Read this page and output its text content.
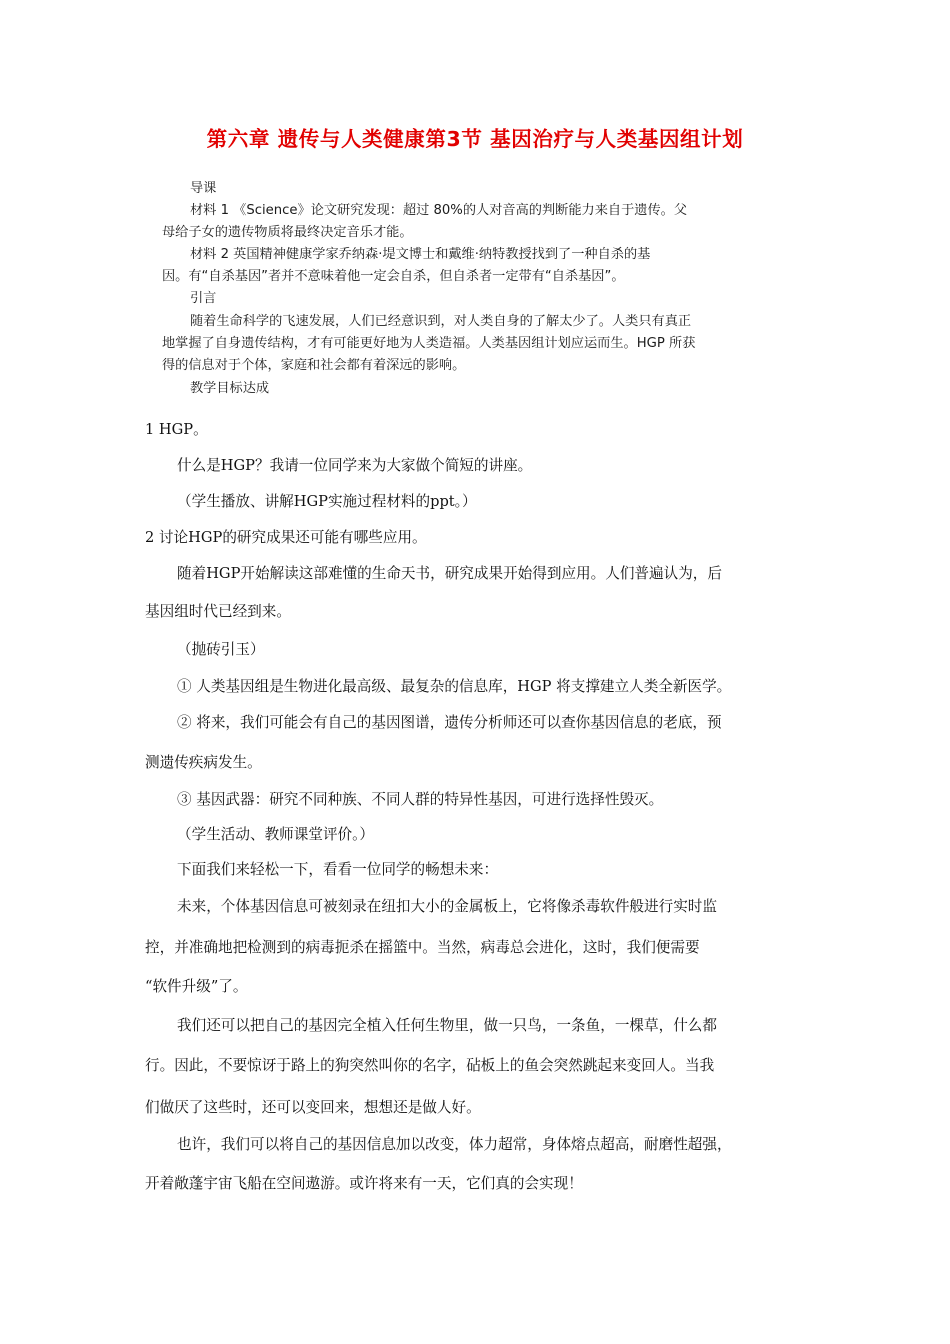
第六章 遗传与人类健康第3节 基因治疗与人类基因组计划
导课
材料 1 《Science》论文研究发现：超过 80%的人对音高的判断能力来自于遗传。父
母给子女的遗传物质将最终决定音乐才能。
材料 2 英国精神健康学家乔纳森·堤文博士和戴维·纳特教授找到了一种自杀的基
因。有“自杀基因”者并不意味着他一定会自杀，但自杀者一定带有“自杀基因”。
引言
随着生命科学的飞速发展，人们已经意识到，对人类自身的了解太少了。人类只有真正
地掌握了自身遗传结构，才有可能更好地为人类造福。人类基因组计划应运而生。HGP 所获
得的信息对于个体，家庭和社会都有着深远的影响。
教学目标达成
1 HGP。
什么是HGP？我请一位同学来为大家做个简短的讲座。
（学生播放、讲解HGP实施过程材料的ppt。）
2 讨论HGP的研究成果还可能有哪些应用。
随着HGP开始解读这部难懂的生命天书，研究成果开始得到应用。人们普遍认为，后
基因组时代已经到来。
（抛砖引玉）
① 人类基因组是生物进化最高级、最复杂的信息库，HGP 将支撑建立人类全新医学。
② 将来，我们可能会有自己的基因图谱，遗传分析师还可以查你基因信息的老底，预
测遗传疾病发生。
③ 基因武器：研究不同种族、不同人群的特异性基因，可进行选择性毁灭。
（学生活动、教师课堂评价。）
下面我们来轻松一下，看看一位同学的畅想未来：
未来，个体基因信息可被刻录在纽扣大小的金属板上，它将像杀毒软件般进行实时监
控，并准确地把检测到的病毒扼杀在摇篮中。当然，病毒总会进化，这时，我们便需要
“软件升级”了。
我们还可以把自己的基因完全植入任何生物里，做一只鸟，一条鱼，一棵草，什么都
行。因此，不要惊讶于路上的狗突然叫你的名字，砧板上的鱼会突然跳起来变回人。当我
们做厌了这些时，还可以变回来，想想还是做人好。
也许，我们可以将自己的基因信息加以改变，体力超常，身体熔点超高，耐磨性超强，
开着敞蓬宇宙飞船在空间遨游。或许将来有一天，它们真的会实现！
